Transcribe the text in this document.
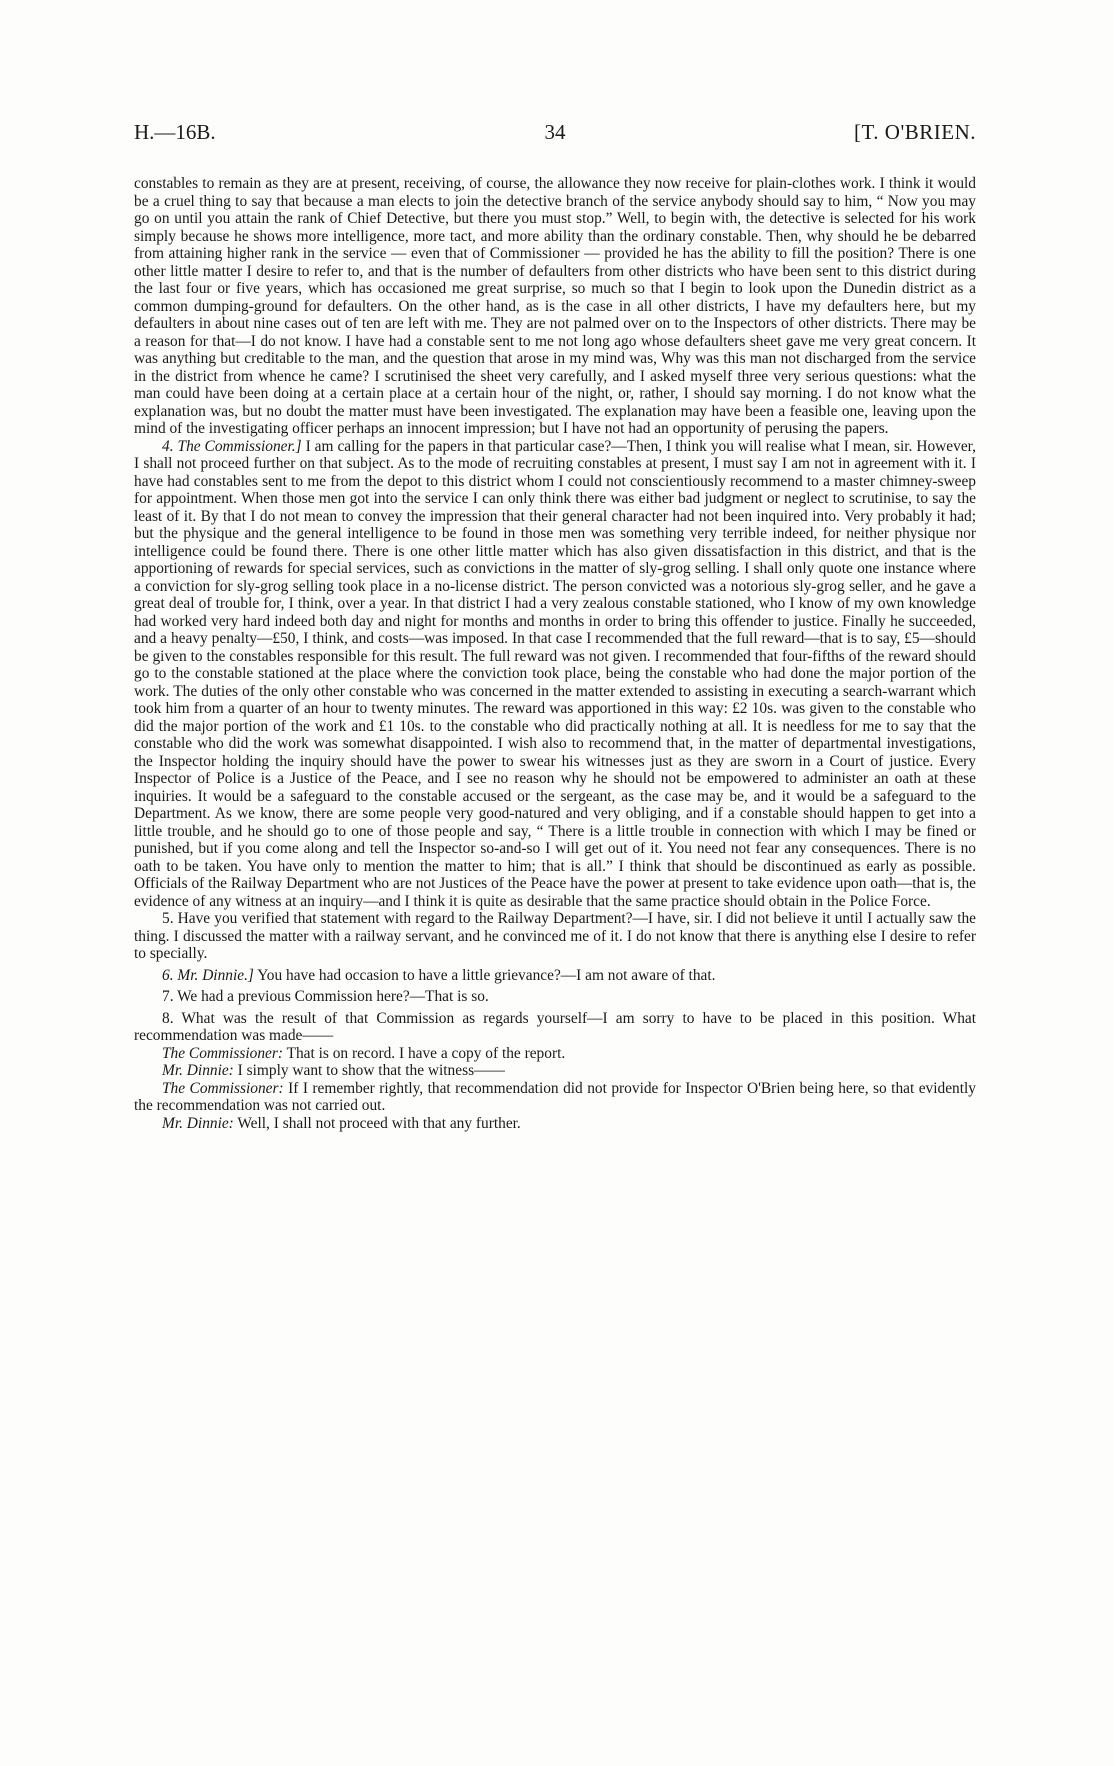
H.—16B.	34	[T. O'BRIEN.

constables to remain as they are at present, receiving, of course, the allowance they now receive for plain-clothes work. I think it would be a cruel thing to say that because a man elects to join the detective branch of the service anybody should say to him, “ Now you may go on until you attain the rank of Chief Detective, but there you must stop.” Well, to begin with, the detective is selected for his work simply because he shows more intelligence, more tact, and more ability than the ordinary constable. Then, why should he be debarred from attaining higher rank in the service — even that of Commissioner — provided he has the ability to fill the position? There is one other little matter I desire to refer to, and that is the number of defaulters from other districts who have been sent to this district during the last four or five years, which has occasioned me great surprise, so much so that I begin to look upon the Dunedin district as a common dumping-ground for defaulters. On the other hand, as is the case in all other districts, I have my defaulters here, but my defaulters in about nine cases out of ten are left with me. They are not palmed over on to the Inspectors of other districts. There may be a reason for that—I do not know. I have had a constable sent to me not long ago whose defaulters sheet gave me very great concern. It was anything but creditable to the man, and the question that arose in my mind was, Why was this man not discharged from the service in the district from whence he came? I scrutinised the sheet very carefully, and I asked myself three very serious questions: what the man could have been doing at a certain place at a certain hour of the night, or, rather, I should say morning. I do not know what the explanation was, but no doubt the matter must have been investigated. The explanation may have been a feasible one, leaving upon the mind of the investigating officer perhaps an innocent impression; but I have not had an opportunity of perusing the papers.

4. The Commissioner.] I am calling for the papers in that particular case?—Then, I think you will realise what I mean, sir. However, I shall not proceed further on that subject. As to the mode of recruiting constables at present, I must say I am not in agreement with it. I have had constables sent to me from the depot to this district whom I could not conscientiously recommend to a master chimney-sweep for appointment. When those men got into the service I can only think there was either bad judgment or neglect to scrutinise, to say the least of it. By that I do not mean to convey the impression that their general character had not been inquired into. Very probably it had; but the physique and the general intelligence to be found in those men was something very terrible indeed, for neither physique nor intelligence could be found there. There is one other little matter which has also given dissatisfaction in this district, and that is the apportioning of rewards for special services, such as convictions in the matter of sly-grog selling. I shall only quote one instance where a conviction for sly-grog selling took place in a no-license district. The person convicted was a notorious sly-grog seller, and he gave a great deal of trouble for, I think, over a year. In that district I had a very zealous constable stationed, who I know of my own knowledge had worked very hard indeed both day and night for months and months in order to bring this offender to justice. Finally he succeeded, and a heavy penalty—£50, I think, and costs—was imposed. In that case I recommended that the full reward—that is to say, £5—should be given to the constables responsible for this result. The full reward was not given. I recommended that four-fifths of the reward should go to the constable stationed at the place where the conviction took place, being the constable who had done the major portion of the work. The duties of the only other constable who was concerned in the matter extended to assisting in executing a search-warrant which took him from a quarter of an hour to twenty minutes. The reward was apportioned in this way: £2 10s. was given to the constable who did the major portion of the work and £1 10s. to the constable who did practically nothing at all. It is needless for me to say that the constable who did the work was somewhat disappointed. I wish also to recommend that, in the matter of departmental investigations, the Inspector holding the inquiry should have the power to swear his witnesses just as they are sworn in a Court of justice. Every Inspector of Police is a Justice of the Peace, and I see no reason why he should not be empowered to administer an oath at these inquiries. It would be a safeguard to the constable accused or the sergeant, as the case may be, and it would be a safeguard to the Department. As we know, there are some people very good-natured and very obliging, and if a constable should happen to get into a little trouble, and he should go to one of those people and say, “ There is a little trouble in connection with which I may be fined or punished, but if you come along and tell the Inspector so-and-so I will get out of it. You need not fear any consequences. There is no oath to be taken. You have only to mention the matter to him; that is all.” I think that should be discontinued as early as possible. Officials of the Railway Department who are not Justices of the Peace have the power at present to take evidence upon oath—that is, the evidence of any witness at an inquiry—and I think it is quite as desirable that the same practice should obtain in the Police Force.

5. Have you verified that statement with regard to the Railway Department?—I have, sir. I did not believe it until I actually saw the thing. I discussed the matter with a railway servant, and he convinced me of it. I do not know that there is anything else I desire to refer to specially.

6. Mr. Dinnie.] You have had occasion to have a little grievance?—I am not aware of that.

7. We had a previous Commission here?—That is so.

8. What was the result of that Commission as regards yourself—I am sorry to have to be placed in this position. What recommendation was made——

The Commissioner: That is on record. I have a copy of the report.

Mr. Dinnie: I simply want to show that the witness——

The Commissioner: If I remember rightly, that recommendation did not provide for Inspector O'Brien being here, so that evidently the recommendation was not carried out.

Mr. Dinnie: Well, I shall not proceed with that any further.
